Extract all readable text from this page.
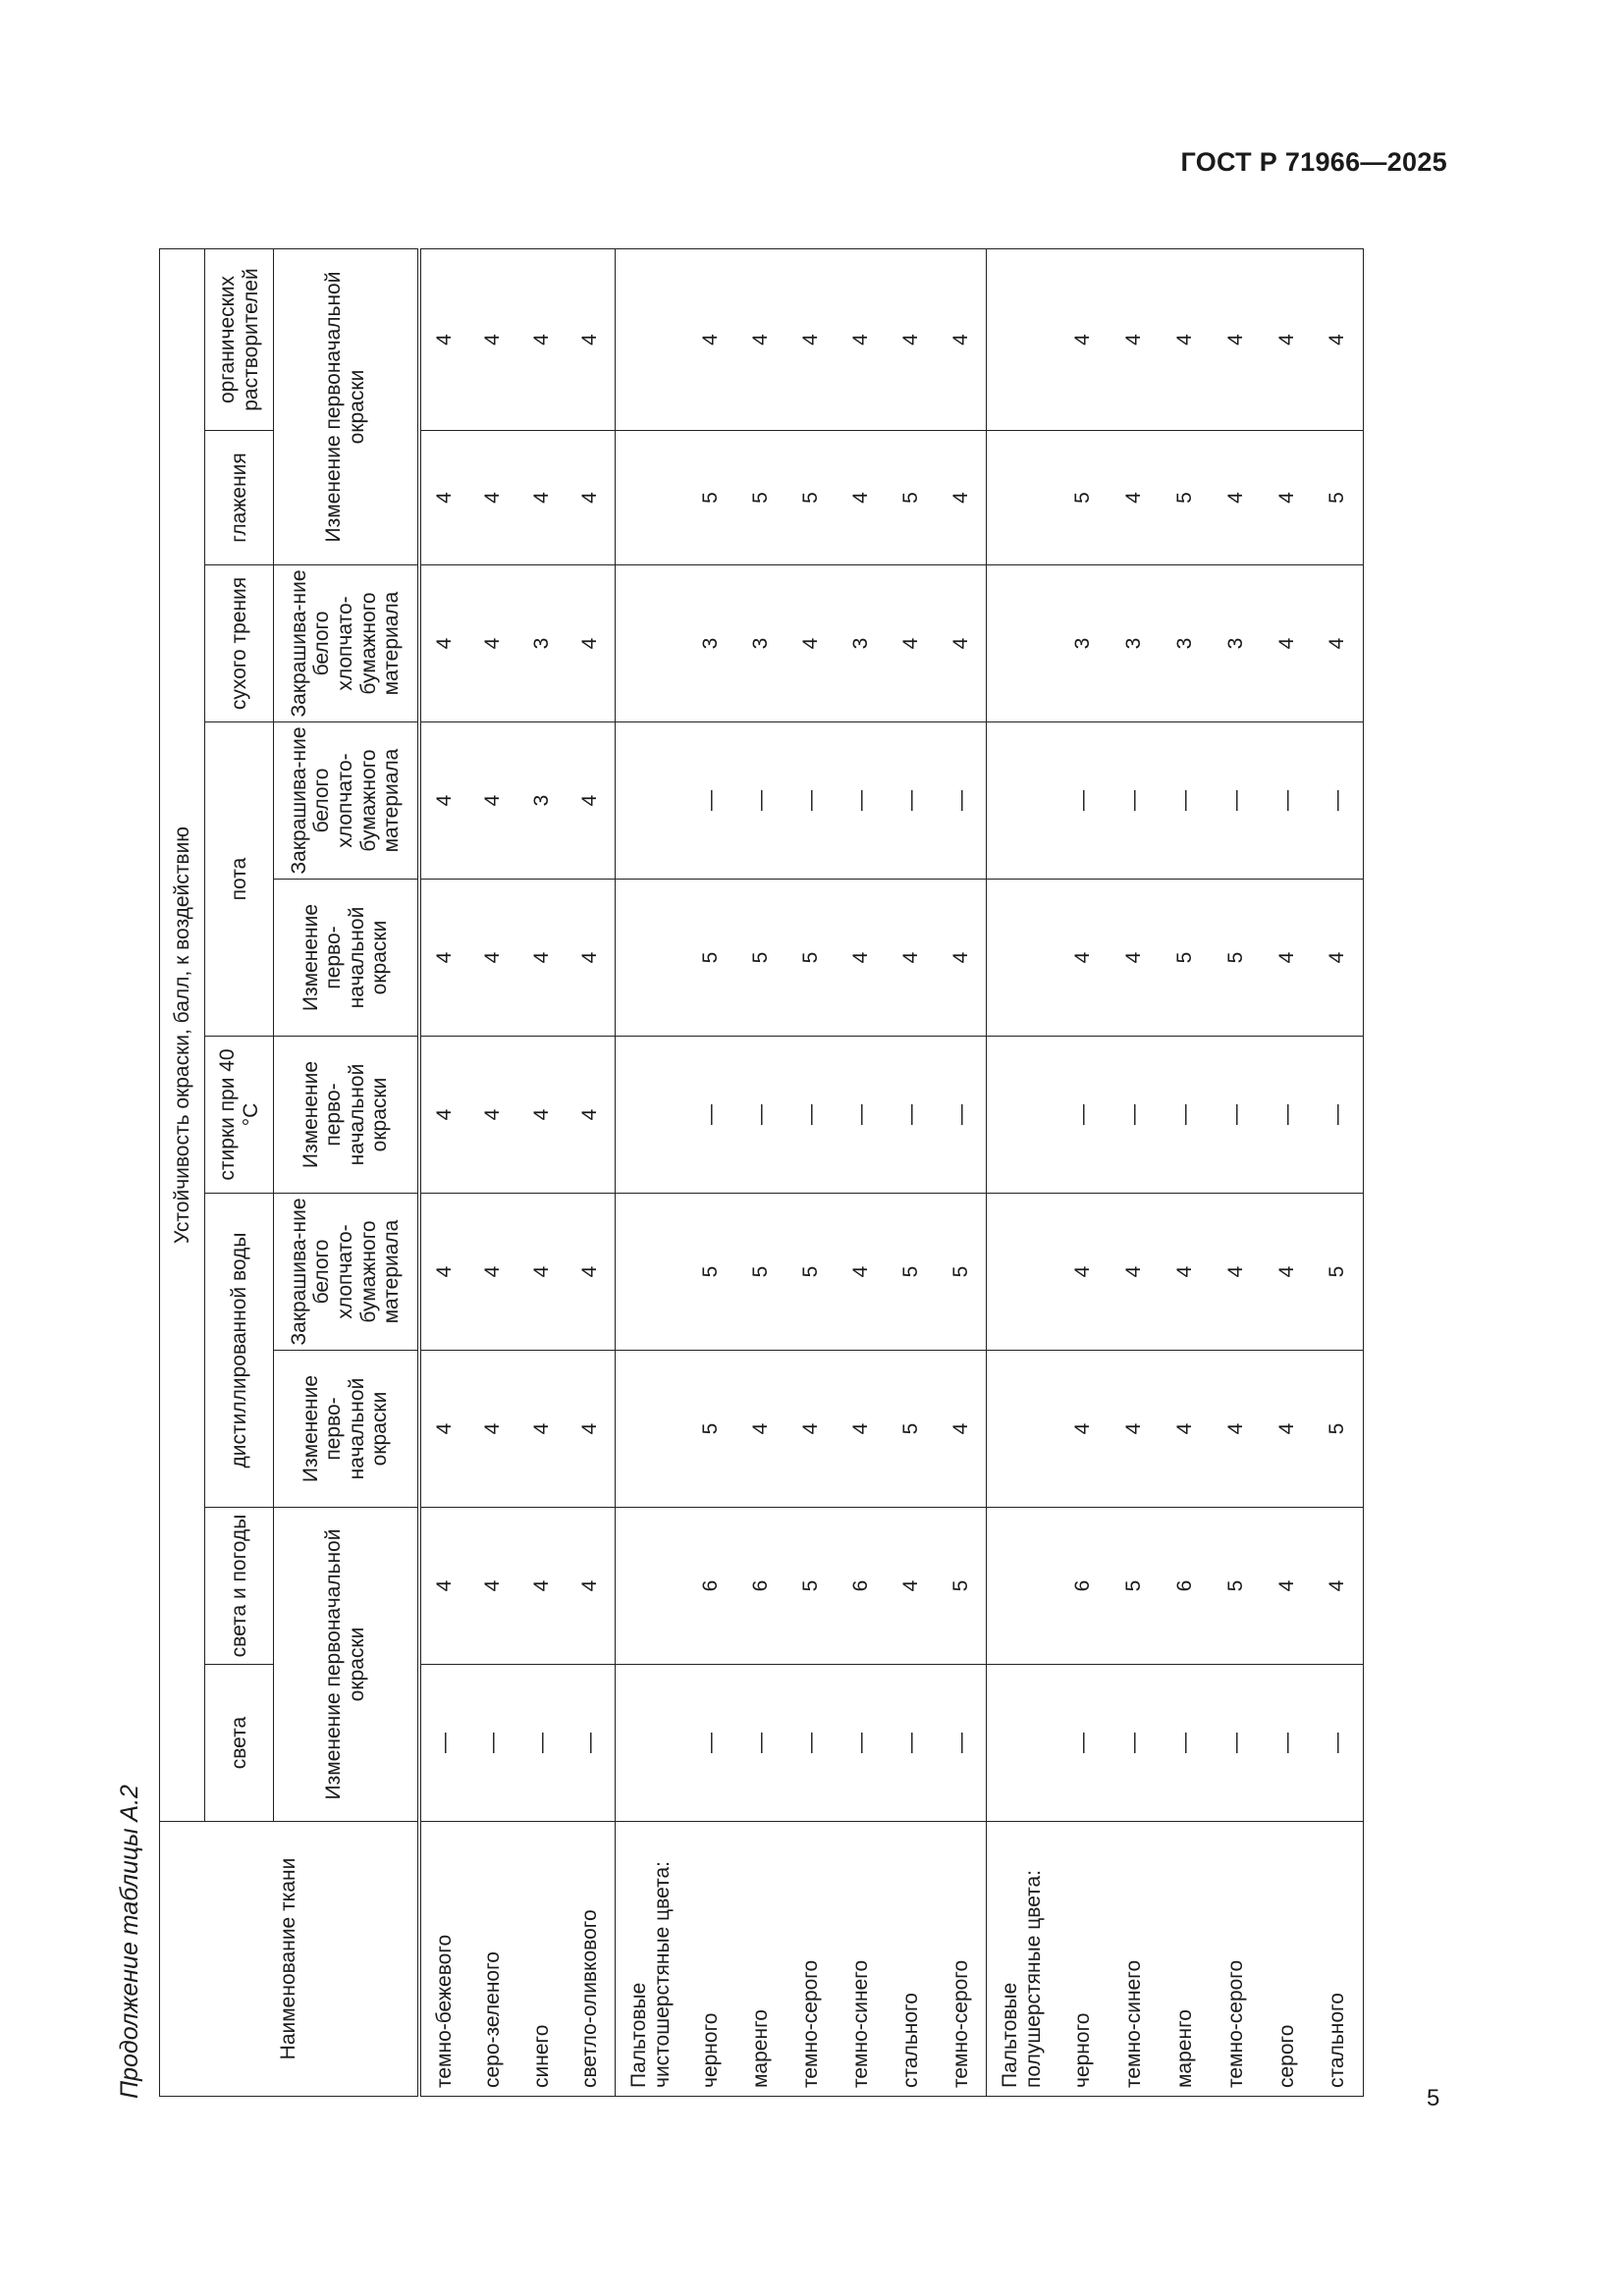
ГОСТ Р 71966—2025
Продолжение таблицы А.2	Наименование ткани	Устойчивость окраски, балл, к воздействию									
	света	света и погоды	дистиллированной воды		стирки при 40 °С	пота		сухого трения	глажения	органических растворителей
	Изменение первоначальной окраски		Изменение перво-начальной окраски	Закрашива-ние белого хлопчато-бумажного материала	Изменение перво-начальной окраски	Изменение перво-начальной окраски	Закрашива-ние белого хлопчато-бумажного материала	Закрашива-ние белого хлопчато-бумажного материала	Изменение первоначальной окраски	
темно-бежевого	—	4	4	4	4	4	4	4	4	4
серо-зеленого	—	4	4	4	4	4	4	4	4	4
синего	—	4	4	4	4	4	3	3	4	4
светло-оливкового	—	4	4	4	4	4	4	4	4	4
Пальтовые чистошерстяные цвета:										
черного	—	6	5	5	—	5	—	3	5	4
маренго	—	6	4	5	—	5	—	3	5	4
темно-серого	—	5	4	5	—	5	—	4	5	4
темно-синего	—	6	4	4	—	4	—	3	4	4
стального	—	4	5	5	—	4	—	4	5	4
темно-серого	—	5	4	5	—	4	—	4	4	4
Пальтовые полушерстяные цвета:										
черного	—	6	4	4	—	4	—	3	5	4
темно-синего	—	5	4	4	—	4	—	3	4	4
маренго	—	6	4	4	—	5	—	3	5	4
темно-серого	—	5	4	4	—	5	—	3	4	4
серого	—	4	4	4	—	4	—	4	4	4
стального	—	4	5	5	—	4	—	4	5	4
5
